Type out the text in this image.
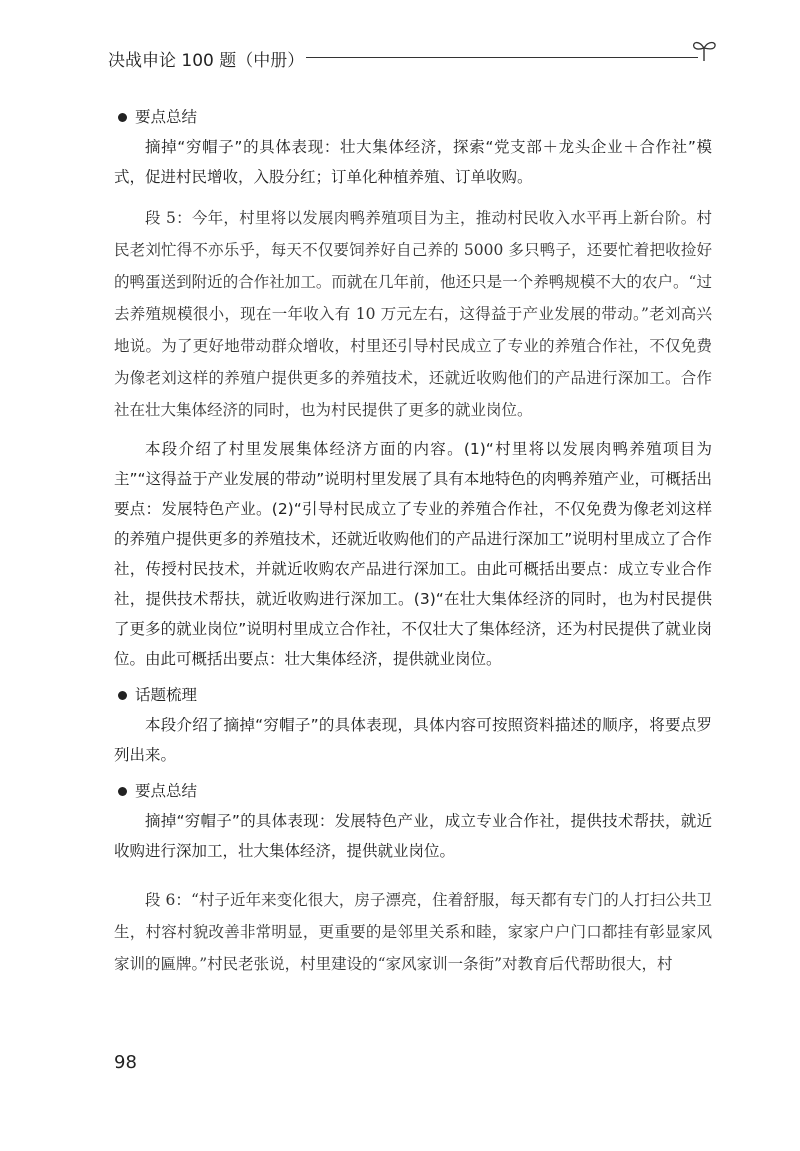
决战申论 100 题（中册）
要点总结

摘掉“穷帽子”的具体表现：壮大集体经济，探索“党支部＋龙头企业＋合作社”模式，促进村民增收，入股分红；订单化种植养殖、订单收购。

段 5：今年，村里将以发展肉鸭养殖项目为主，推动村民收入水平再上新台阶。村民老刘忙得不亦乐乎，每天不仅要饲养好自己养的 5000 多只鸭子，还要忙着把收捡好的鸭蛋送到附近的合作社加工。而就在几年前，他还只是一个养鸭规模不大的农户。“过去养殖规模很小，现在一年收入有 10 万元左右，这得益于产业发展的带动。”老刘高兴地说。为了更好地带动群众增收，村里还引导村民成立了专业的养殖合作社，不仅免费为像老刘这样的养殖户提供更多的养殖技术，还就近收购他们的产品进行深加工。合作社在壮大集体经济的同时，也为村民提供了更多的就业岗位。

本段介绍了村里发展集体经济方面的内容。(1)“村里将以发展肉鸭养殖项目为主”“这得益于产业发展的带动”说明村里发展了具有本地特色的肉鸭养殖产业，可概括出要点：发展特色产业。(2)“引导村民成立了专业的养殖合作社，不仅免费为像老刘这样的养殖户提供更多的养殖技术，还就近收购他们的产品进行深加工”说明村里成立了合作社，传授村民技术，并就近收购农产品进行深加工。由此可概括出要点：成立专业合作社，提供技术帮扶，就近收购进行深加工。(3)“在壮大集体经济的同时，也为村民提供了更多的就业岗位”说明村里成立合作社，不仅壮大了集体经济，还为村民提供了就业岗位。由此可概括出要点：壮大集体经济，提供就业岗位。

话题梳理

本段介绍了摘掉“穷帽子”的具体表现，具体内容可按照资料描述的顺序，将要点罗列出来。

要点总结

摘掉“穷帽子”的具体表现：发展特色产业，成立专业合作社，提供技术帮扶，就近收购进行深加工，壮大集体经济，提供就业岗位。

段 6：“村子近年来变化很大，房子漂亮，住着舒服，每天都有专门的人打扫公共卫生，村容村貌改善非常明显，更重要的是邻里关系和睦，家家户户门口都挂有彰显家风家训的匾牌。”村民老张说，村里建设的“家风家训一条街”对教育后代帮助很大，村

98
